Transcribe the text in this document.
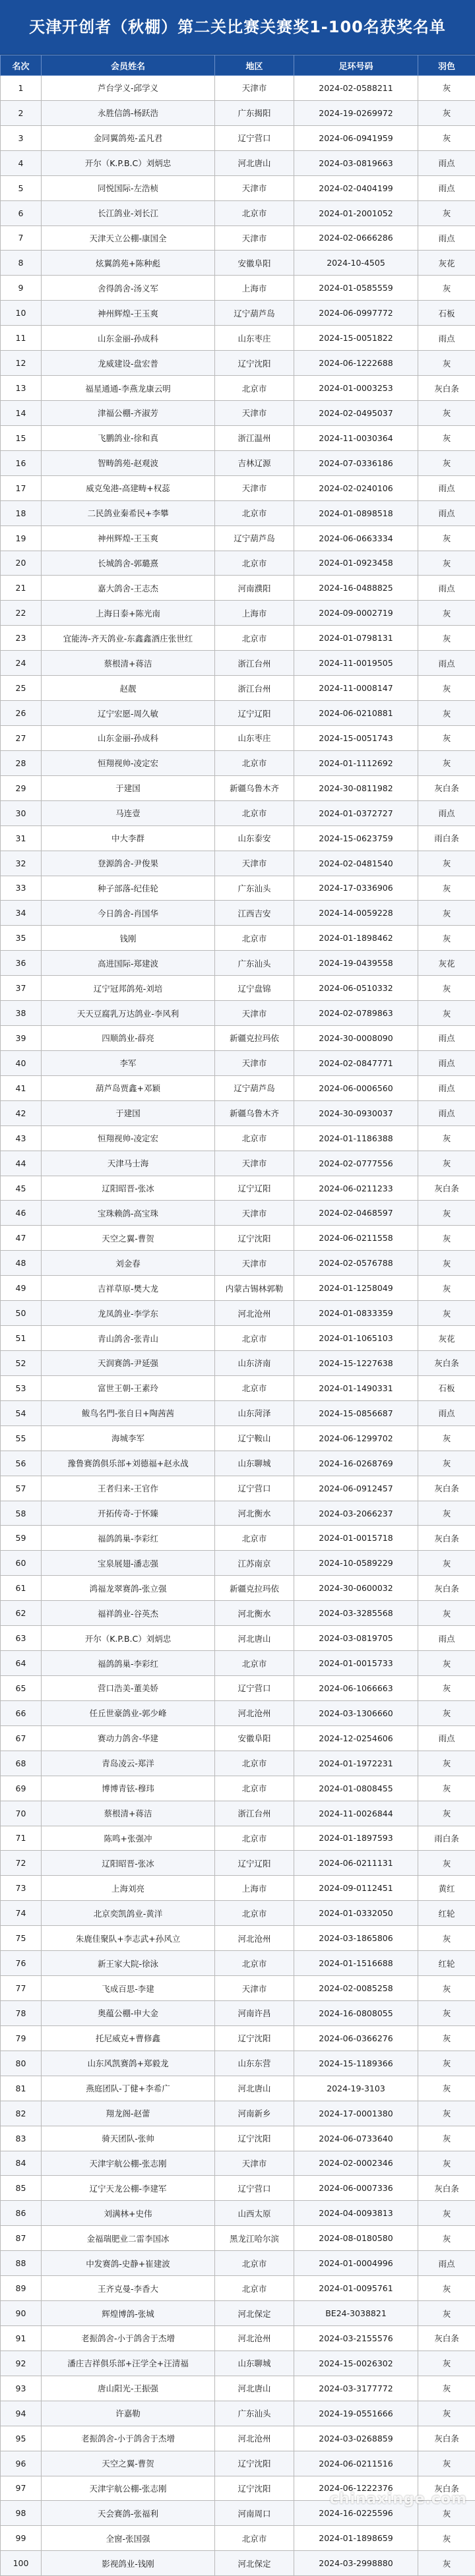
天津开创者（秋棚）第二关比赛关赛奖1-100名获奖名单
名次	会员姓名	地区	足环号码	羽色
1	芦台学义-邱学义	天津市	2024-02-0588211	灰
2	永胜信鸽-杨跃浩	广东揭阳	2024-19-0269972	灰
3	金同翼鸽苑-孟凡君	辽宁营口	2024-06-0941959	灰
4	开尔（K.P.B.C）刘炳忠	河北唐山	2024-03-0819663	雨点
5	同悦国际-左浩桢	天津市	2024-02-0404199	雨点
6	长江鸽业-刘长江	北京市	2024-01-2001052	灰
7	天津天立公棚-康国全	天津市	2024-02-0666286	雨点
8	炫翼鸽苑+陈种彪	安徽阜阳	2024-10-4505	灰花
9	舍得鸽舍-汤义军	上海市	2024-01-0585559	灰
10	神州辉煌-王玉爽	辽宁葫芦岛	2024-06-0997772	石板
11	山东金丽-孙成科	山东枣庄	2024-15-0051822	雨点
12	龙威建设-盘宏普	辽宁沈阳	2024-06-1222688	灰
13	福星通通-李燕龙康云明	北京市	2024-01-0003253	灰白条
14	津福公棚-齐淑芳	天津市	2024-02-0495037	灰
15	飞鹏鸽业-徐和真	浙江温州	2024-11-0030364	灰
16	智畴鸽苑-赵观波	吉林辽源	2024-07-0336186	灰
17	威克兔港-高建畴+权蕊	天津市	2024-02-0240106	雨点
18	二民鸽业秦希民+李攀	北京市	2024-01-0898518	雨点
19	神州辉煌-王玉爽	辽宁葫芦岛	2024-06-0663334	灰
20	长城鸽舍-郭璐熹	北京市	2024-01-0923458	灰
21	嘉大鸽舍-王志杰	河南濮阳	2024-16-0488825	雨点
22	上海日泰+陈光南	上海市	2024-09-0002719	灰
23	宜能涛-齐天鸽业-东鑫鑫酒庄张世红	北京市	2024-01-0798131	灰
24	蔡根清+蒋洁	浙江台州	2024-11-0019505	雨点
25	赵靓	浙江台州	2024-11-0008147	灰
26	辽宁宏愿-周久敏	辽宁辽阳	2024-06-0210881	灰
27	山东金丽-孙成科	山东枣庄	2024-15-0051743	灰
28	恒翔视帅-凌定宏	北京市	2024-01-1112692	灰
29	于建国	新疆乌鲁木齐	2024-30-0811982	灰白条
30	马连壹	北京市	2024-01-0372727	雨点
31	中大李群	山东泰安	2024-15-0623759	雨白条
32	登源鸽舍-尹俊果	天津市	2024-02-0481540	灰
33	种子部落-纪佳轮	广东汕头	2024-17-0336906	灰
34	今日鸽舍-肖国华	江西吉安	2024-14-0059228	灰
35	钱刚	北京市	2024-01-1898462	灰
36	高进国际-郑建波	广东汕头	2024-19-0439558	灰花
37	辽宁冠邦鸽苑-刘培	辽宁盘锦	2024-06-0510332	灰
38	天天豆腐乳万达鸽业-李风利	天津市	2024-02-0789863	灰
39	四顺鸽业-薛亮	新疆克拉玛依	2024-30-0008090	雨点
40	李军	天津市	2024-02-0847771	雨点
41	葫芦岛贾鑫+邓颖	辽宁葫芦岛	2024-06-0006560	雨点
42	于建国	新疆乌鲁木齐	2024-30-0930037	雨点
43	恒翔视帅-凌定宏	北京市	2024-01-1186388	灰
44	天津马士海	天津市	2024-02-0777556	灰
45	辽阳昭晋-张冰	辽宁辽阳	2024-06-0211233	灰白条
46	宝珠赖鸽-高宝珠	天津市	2024-02-0468597	灰
47	天空之翼-曹贺	辽宁沈阳	2024-06-0211558	灰
48	刘金春	天津市	2024-02-0576788	灰
49	吉祥草原-樊大龙	内蒙古锡林郭勒	2024-01-1258049	灰
50	龙凤鸽业-李学东	河北沧州	2024-01-0833359	灰
51	青山鸽舍-张青山	北京市	2024-01-1065103	灰花
52	天润赛鸽-尹延强	山东济南	2024-15-1227638	灰白条
53	富世王朝-王素玲	北京市	2024-01-1490331	石板
54	鲅鸟名門-张自日+陶茜茜	山东菏泽	2024-15-0856687	雨点
55	海城李军	辽宁鞍山	2024-06-1299702	灰
56	豫鲁赛鸽俱乐部+刘德福+赵永战	山东聊城	2024-16-0268769	灰
57	王者归来-王官作	辽宁营口	2024-06-0912457	灰白条
58	开拓传奇-于怀臻	河北衡水	2024-03-2066237	灰
59	福鸽鸽巢-李彩红	北京市	2024-01-0015718	灰白条
60	宝泉展翅-潘志强	江苏南京	2024-10-0589229	灰
61	鸿福龙翠赛鸽-张立强	新疆克拉玛依	2024-30-0600032	灰白条
62	福祥鸽业-谷英杰	河北衡水	2024-03-3285568	灰
63	开尔（K.P.B.C）刘炳忠	河北唐山	2024-03-0819705	雨点
64	福鸽鸽巢-李彩红	北京市	2024-01-0015733	灰
65	营口浩美-董美娇	辽宁营口	2024-06-1066663	灰
66	任丘世豪鸽业-郭少峰	河北沧州	2024-03-1306660	灰
67	赛动力鸽舍-华建	安徽阜阳	2024-12-0254606	雨点
68	青岛凌云-郑洋	北京市	2024-01-1972231	灰
69	博博青铉-穆玮	北京市	2024-01-0808455	灰
70	蔡根清+蒋洁	浙江台州	2024-11-0026844	灰
71	陈鸣+张强冲	北京市	2024-01-1897593	雨白条
72	辽阳昭晋-张冰	辽宁辽阳	2024-06-0211131	灰
73	上海刘亮	上海市	2024-09-0112451	黄红
74	北京奕凯鸽业-黄洋	北京市	2024-01-0332050	红轮
75	朱鹿佳聚队+李志武+孙风立	河北沧州	2024-03-1865806	灰
76	新王家大院-徐泳	北京市	2024-01-1516688	红轮
77	飞成百思-李建	天津市	2024-02-0085258	灰
78	奥蕴公棚-申大金	河南许昌	2024-16-0808055	灰
79	托尼威克+曹修鑫	辽宁沈阳	2024-06-0366276	灰
80	山东风凯赛鸽+郑毅龙	山东东营	2024-15-1189366	灰
81	燕庭团队-丁健+李希广	河北唐山	2024-19-3103	灰
82	翔龙阁-赵蕾	河南新乡	2024-17-0001380	灰
83	骑天团队-张帅	辽宁沈阳	2024-06-0733640	灰
84	天津宇航公棚-张志刚	天津市	2024-02-0002346	灰
85	辽宁天龙公棚-李建军	辽宁营口	2024-06-0007336	灰白条
86	刘满林+史伟	山西太原	2024-04-0093813	灰
87	金福瑞肥业二雷李国冰	黑龙江哈尔滨	2024-08-0180580	灰
88	中发赛鸽-史静+崔建波	北京市	2024-01-0004996	雨点
89	王齐克曼-李香大	北京市	2024-01-0095761	灰
90	辉煌博鸽-张城	河北保定	BE24-3038821	灰
91	老振鸽舍-小于鸽舍于杰增	河北沧州	2024-03-2155576	灰白条
92	潘庄吉祥俱乐部+汪学全+汪清福	山东聊城	2024-15-0026302	灰
93	唐山阳光-王振强	河北唐山	2024-03-3177772	灰
94	许嘉勒	广东汕头	2024-19-0551666	灰
95	老振鸽舍-小于鸽舍于杰增	河北沧州	2024-03-0268859	灰白条
96	天空之翼-曹贺	辽宁沈阳	2024-06-0211516	灰
97	天津宇航公棚-张志刚	辽宁沈阳	2024-06-1222376	灰白条
98	天会赛鸽-张福利	河南周口	2024-16-0225596	灰
99	全窗-张国强	北京市	2024-01-1898659	灰
100	影视鸽业-钱刚	河北保定	2024-03-2998880	灰
chinaxinge.com
